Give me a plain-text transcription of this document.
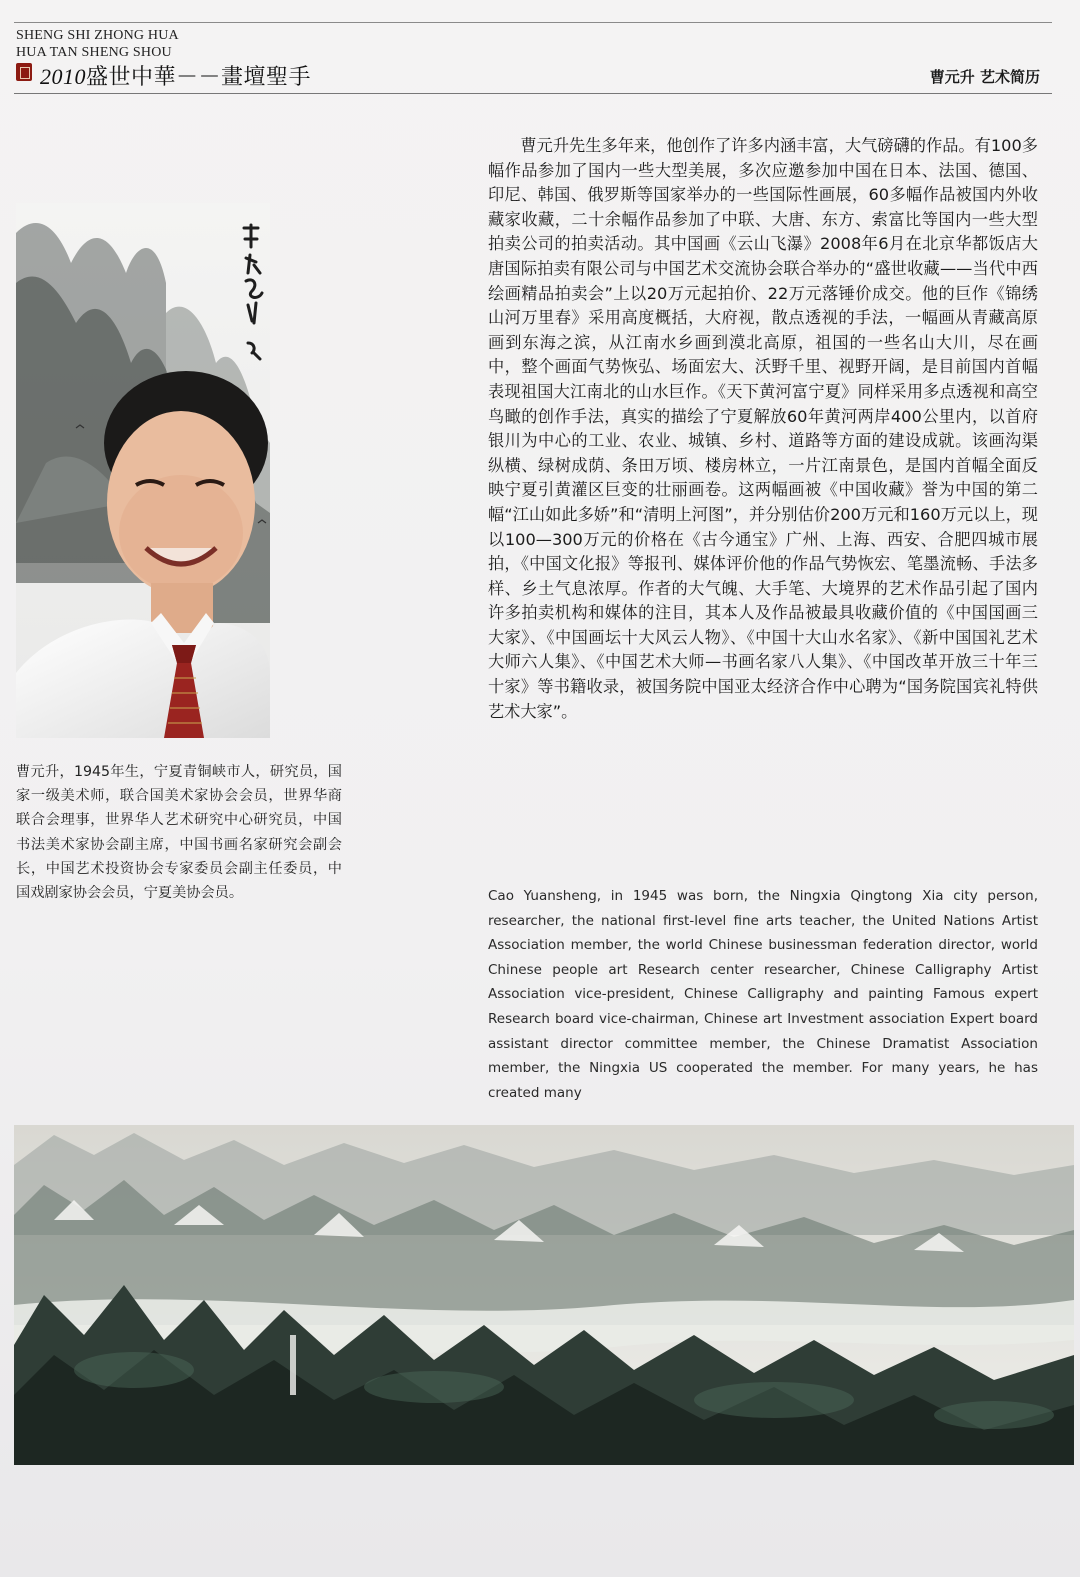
SHENG SHI ZHONG HUA
HUA TAN SHENG SHOU
2010盛世中華－－畫壇聖手	曹元升 艺术简历
曹元升，1945年生，宁夏青铜峡市人，研究员，国家一级美术师，联合国美术家协会会员，世界华商联合会理事，世界华人艺术研究中心研究员，中国书法美术家协会副主席，中国书画名家研究会副会长，中国艺术投资协会专家委员会副主任委员，中国戏剧家协会会员，宁夏美协会员。

曹元升先生多年来，他创作了许多内涵丰富，大气磅礴的作品。有100多幅作品参加了国内一些大型美展，多次应邀参加中国在日本、法国、德国、印尼、韩国、俄罗斯等国家举办的一些国际性画展，60多幅作品被国内外收藏家收藏，二十余幅作品参加了中联、大唐、东方、索富比等国内一些大型拍卖公司的拍卖活动。其中国画《云山飞瀑》2008年6月在北京华都饭店大唐国际拍卖有限公司与中国艺术交流协会联合举办的“盛世收藏——当代中西绘画精品拍卖会”上以20万元起拍价、22万元落锤价成交。他的巨作《锦绣山河万里春》采用高度概括，大府视，散点透视的手法，一幅画从青藏高原画到东海之滨，从江南水乡画到漠北高原，祖国的一些名山大川，尽在画中，整个画面气势恢弘、场面宏大、沃野千里、视野开阔，是目前国内首幅表现祖国大江南北的山水巨作。《天下黄河富宁夏》同样采用多点透视和高空鸟瞰的创作手法，真实的描绘了宁夏解放60年黄河两岸400公里内，以首府银川为中心的工业、农业、城镇、乡村、道路等方面的建设成就。该画沟渠纵横、绿树成荫、条田万顷、楼房林立，一片江南景色，是国内首幅全面反映宁夏引黄灌区巨变的壮丽画卷。这两幅画被《中国收藏》誉为中国的第二幅“江山如此多娇”和“清明上河图”，并分别估价200万元和160万元以上，现以100—300万元的价格在《古今通宝》广州、上海、西安、合肥四城市展拍，《中国文化报》等报刊、媒体评价他的作品气势恢宏、笔墨流畅、手法多样、乡土气息浓厚。作者的大气魄、大手笔、大境界的艺术作品引起了国内许多拍卖机构和媒体的注目，其本人及作品被最具收藏价值的《中国国画三大家》、《中国画坛十大风云人物》、《中国十大山水名家》、《新中国国礼艺术大师六人集》、《中国艺术大师—书画名家八人集》、《中国改革开放三十年三十家》等书籍收录，被国务院中国亚太经济合作中心聘为“国务院国宾礼特供艺术大家”。

Cao Yuansheng, in 1945 was born, the Ningxia Qingtong Xia city person, researcher, the national first-level fine arts teacher, the United Nations Artist Association member, the world Chinese businessman federation director, world Chinese people art Research center researcher, Chinese Calligraphy Artist Association vice-president, Chinese Calligraphy and painting Famous expert Research board vice-chairman, Chinese art Investment association Expert board assistant director committee member, the Chinese Dramatist Association member, the Ningxia US cooperated the member. For many years, he has created many
